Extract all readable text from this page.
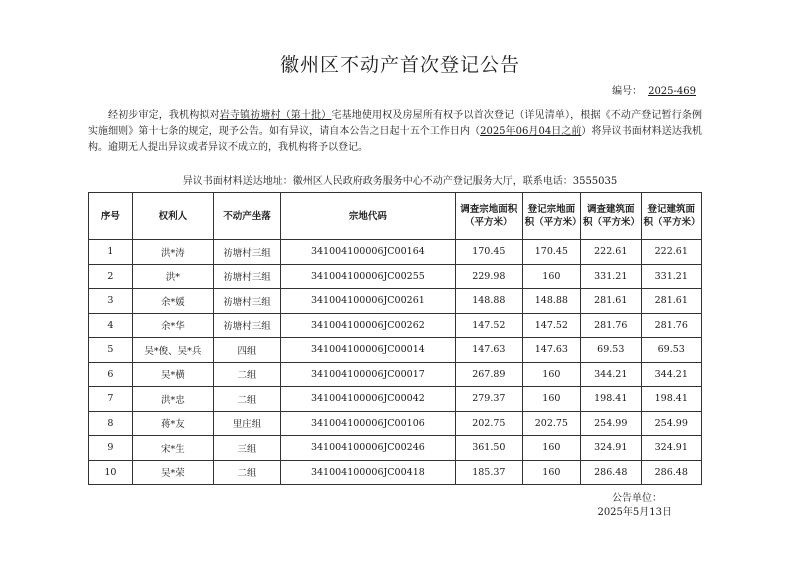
徽州区不动产首次登记公告
编号： 2025-469
经初步审定，我机构拟对岩寺镇祊塘村（第十批）宅基地使用权及房屋所有权予以首次登记（详见清单），根据《不动产登记暂行条例实施细则》第十七条的规定，现予公告。如有异议，请自本公告之日起十五个工作日内（2025年06月04日之前）将异议书面材料送达我机构。逾期无人提出异议或者异议不成立的，我机构将予以登记。
异议书面材料送达地址：徽州区人民政府政务服务中心不动产登记服务大厅，联系电话：3555035
序号	权利人	不动产坐落	宗地代码	调查宗地面积（平方米）	登记宗地面积（平方米）	调查建筑面积（平方米）	登记建筑面积（平方米）
1	洪*涛	祊塘村三组	341004100006JC00164	170.45	170.45	222.61	222.61
2	洪*	祊塘村三组	341004100006JC00255	229.98	160	331.21	331.21
3	余*媛	祊塘村三组	341004100006JC00261	148.88	148.88	281.61	281.61
4	余*华	祊塘村三组	341004100006JC00262	147.52	147.52	281.76	281.76
5	吴*俊、吴*兵	四组	341004100006JC00014	147.63	147.63	69.53	69.53
6	吴*横	二组	341004100006JC00017	267.89	160	344.21	344.21
7	洪*忠	二组	341004100006JC00042	279.37	160	198.41	198.41
8	蒋*友	里庄组	341004100006JC00106	202.75	202.75	254.99	254.99
9	宋*生	三组	341004100006JC00246	361.50	160	324.91	324.91
10	吴*荣	二组	341004100006JC00418	185.37	160	286.48	286.48
公告单位：
2025年5月13日
